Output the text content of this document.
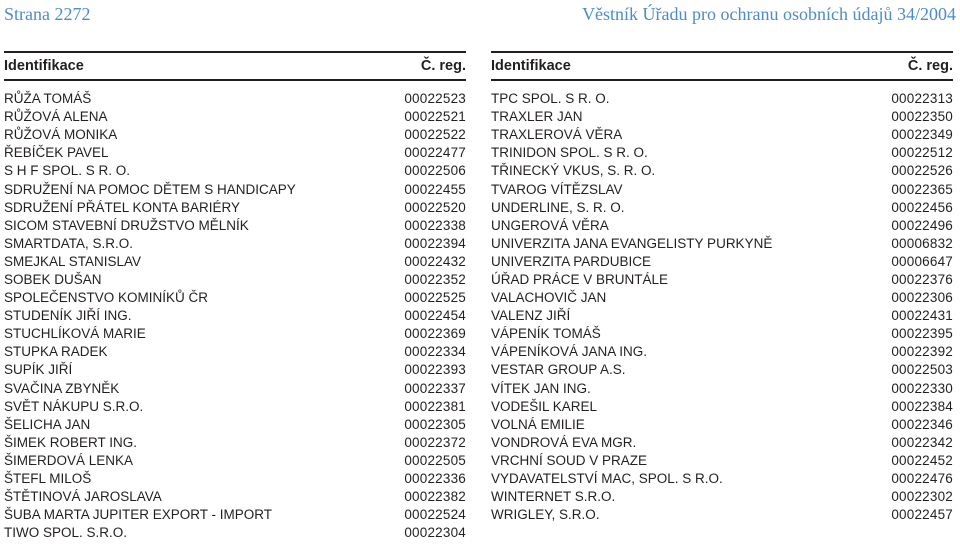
Strana 2272	Věstník Úřadu pro ochranu osobních údajů 34/2004
Identifikace	Č. reg.
RŮŽA TOMÁŠ	00022523
RŮŽOVÁ ALENA	00022521
RŮŽOVÁ MONIKA	00022522
ŘEBÍČEK PAVEL	00022477
S H F SPOL. S R. O.	00022506
SDRUŽENÍ NA POMOC DĚTEM S HANDICAPY	00022455
SDRUŽENÍ PŘÁTEL KONTA BARIÉRY	00022520
SICOM STAVEBNÍ DRUŽSTVO MĚLNÍK	00022338
SMARTDATA, S.R.O.	00022394
SMEJKAL STANISLAV	00022432
SOBEK DUŠAN	00022352
SPOLEČENSTVO KOMINÍKŮ ČR	00022525
STUDENÍK JIŘÍ ING.	00022454
STUCHLÍKOVÁ MARIE	00022369
STUPKA RADEK	00022334
SUPÍK JIŘÍ	00022393
SVAČINA ZBYNĚK	00022337
SVĚT NÁKUPU S.R.O.	00022381
ŠELICHA JAN	00022305
ŠIMEK ROBERT ING.	00022372
ŠIMERDOVÁ LENKA	00022505
ŠTEFL MILOŠ	00022336
ŠTĚTINOVÁ JAROSLAVA	00022382
ŠUBA MARTA JUPITER EXPORT - IMPORT	00022524
TIWO SPOL. S.R.O.	00022304
Identifikace	Č. reg.
TPC SPOL. S R. O.	00022313
TRAXLER JAN	00022350
TRAXLEROVÁ VĚRA	00022349
TRINIDON SPOL. S R. O.	00022512
TŘINECKÝ VKUS, S. R. O.	00022526
TVAROG VÍTĚZSLAV	00022365
UNDERLINE, S. R. O.	00022456
UNGEROVÁ VĚRA	00022496
UNIVERZITA JANA EVANGELISTY PURKYNĚ	00006832
UNIVERZITA PARDUBICE	00006647
ÚŘAD PRÁCE V BRUNTÁLE	00022376
VALACHOVIČ JAN	00022306
VALENZ JIŘÍ	00022431
VÁPENÍK TOMÁŠ	00022395
VÁPENÍKOVÁ JANA ING.	00022392
VESTAR GROUP A.S.	00022503
VÍTEK JAN ING.	00022330
VODEŠIL KAREL	00022384
VOLNÁ EMILIE	00022346
VONDROVÁ EVA MGR.	00022342
VRCHNÍ SOUD V PRAZE	00022452
VYDAVATELSTVÍ MAC, SPOL. S R.O.	00022476
WINTERNET S.R.O.	00022302
WRIGLEY, S.R.O.	00022457
